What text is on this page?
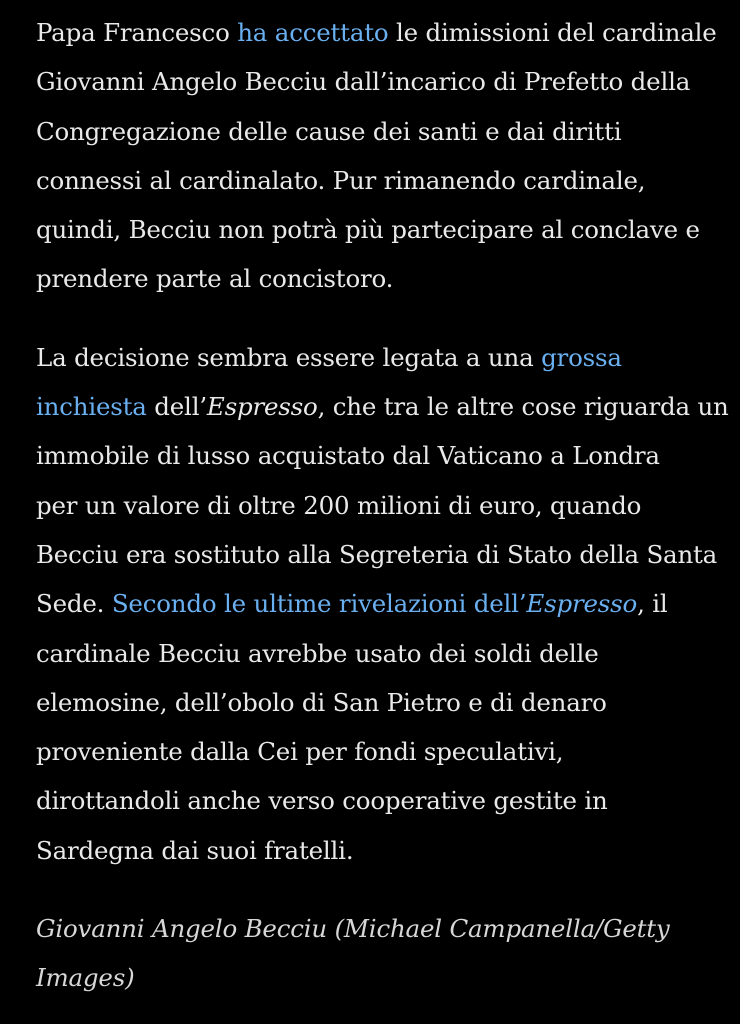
Papa Francesco ha accettato le dimissioni del cardinale
Giovanni Angelo Becciu dall’incarico di Prefetto della
Congregazione delle cause dei santi e dai diritti
connessi al cardinalato. Pur rimanendo cardinale,
quindi, Becciu non potrà più partecipare al conclave e
prendere parte al concistoro.

La decisione sembra essere legata a una grossa
inchiesta dell’Espresso, che tra le altre cose riguarda un
immobile di lusso acquistato dal Vaticano a Londra
per un valore di oltre 200 milioni di euro, quando
Becciu era sostituto alla Segreteria di Stato della Santa
Sede. Secondo le ultime rivelazioni dell’Espresso, il
cardinale Becciu avrebbe usato dei soldi delle
elemosine, dell’obolo di San Pietro e di denaro
proveniente dalla Cei per fondi speculativi,
dirottandoli anche verso cooperative gestite in
Sardegna dai suoi fratelli.

Giovanni Angelo Becciu (Michael Campanella/Getty
Images)
